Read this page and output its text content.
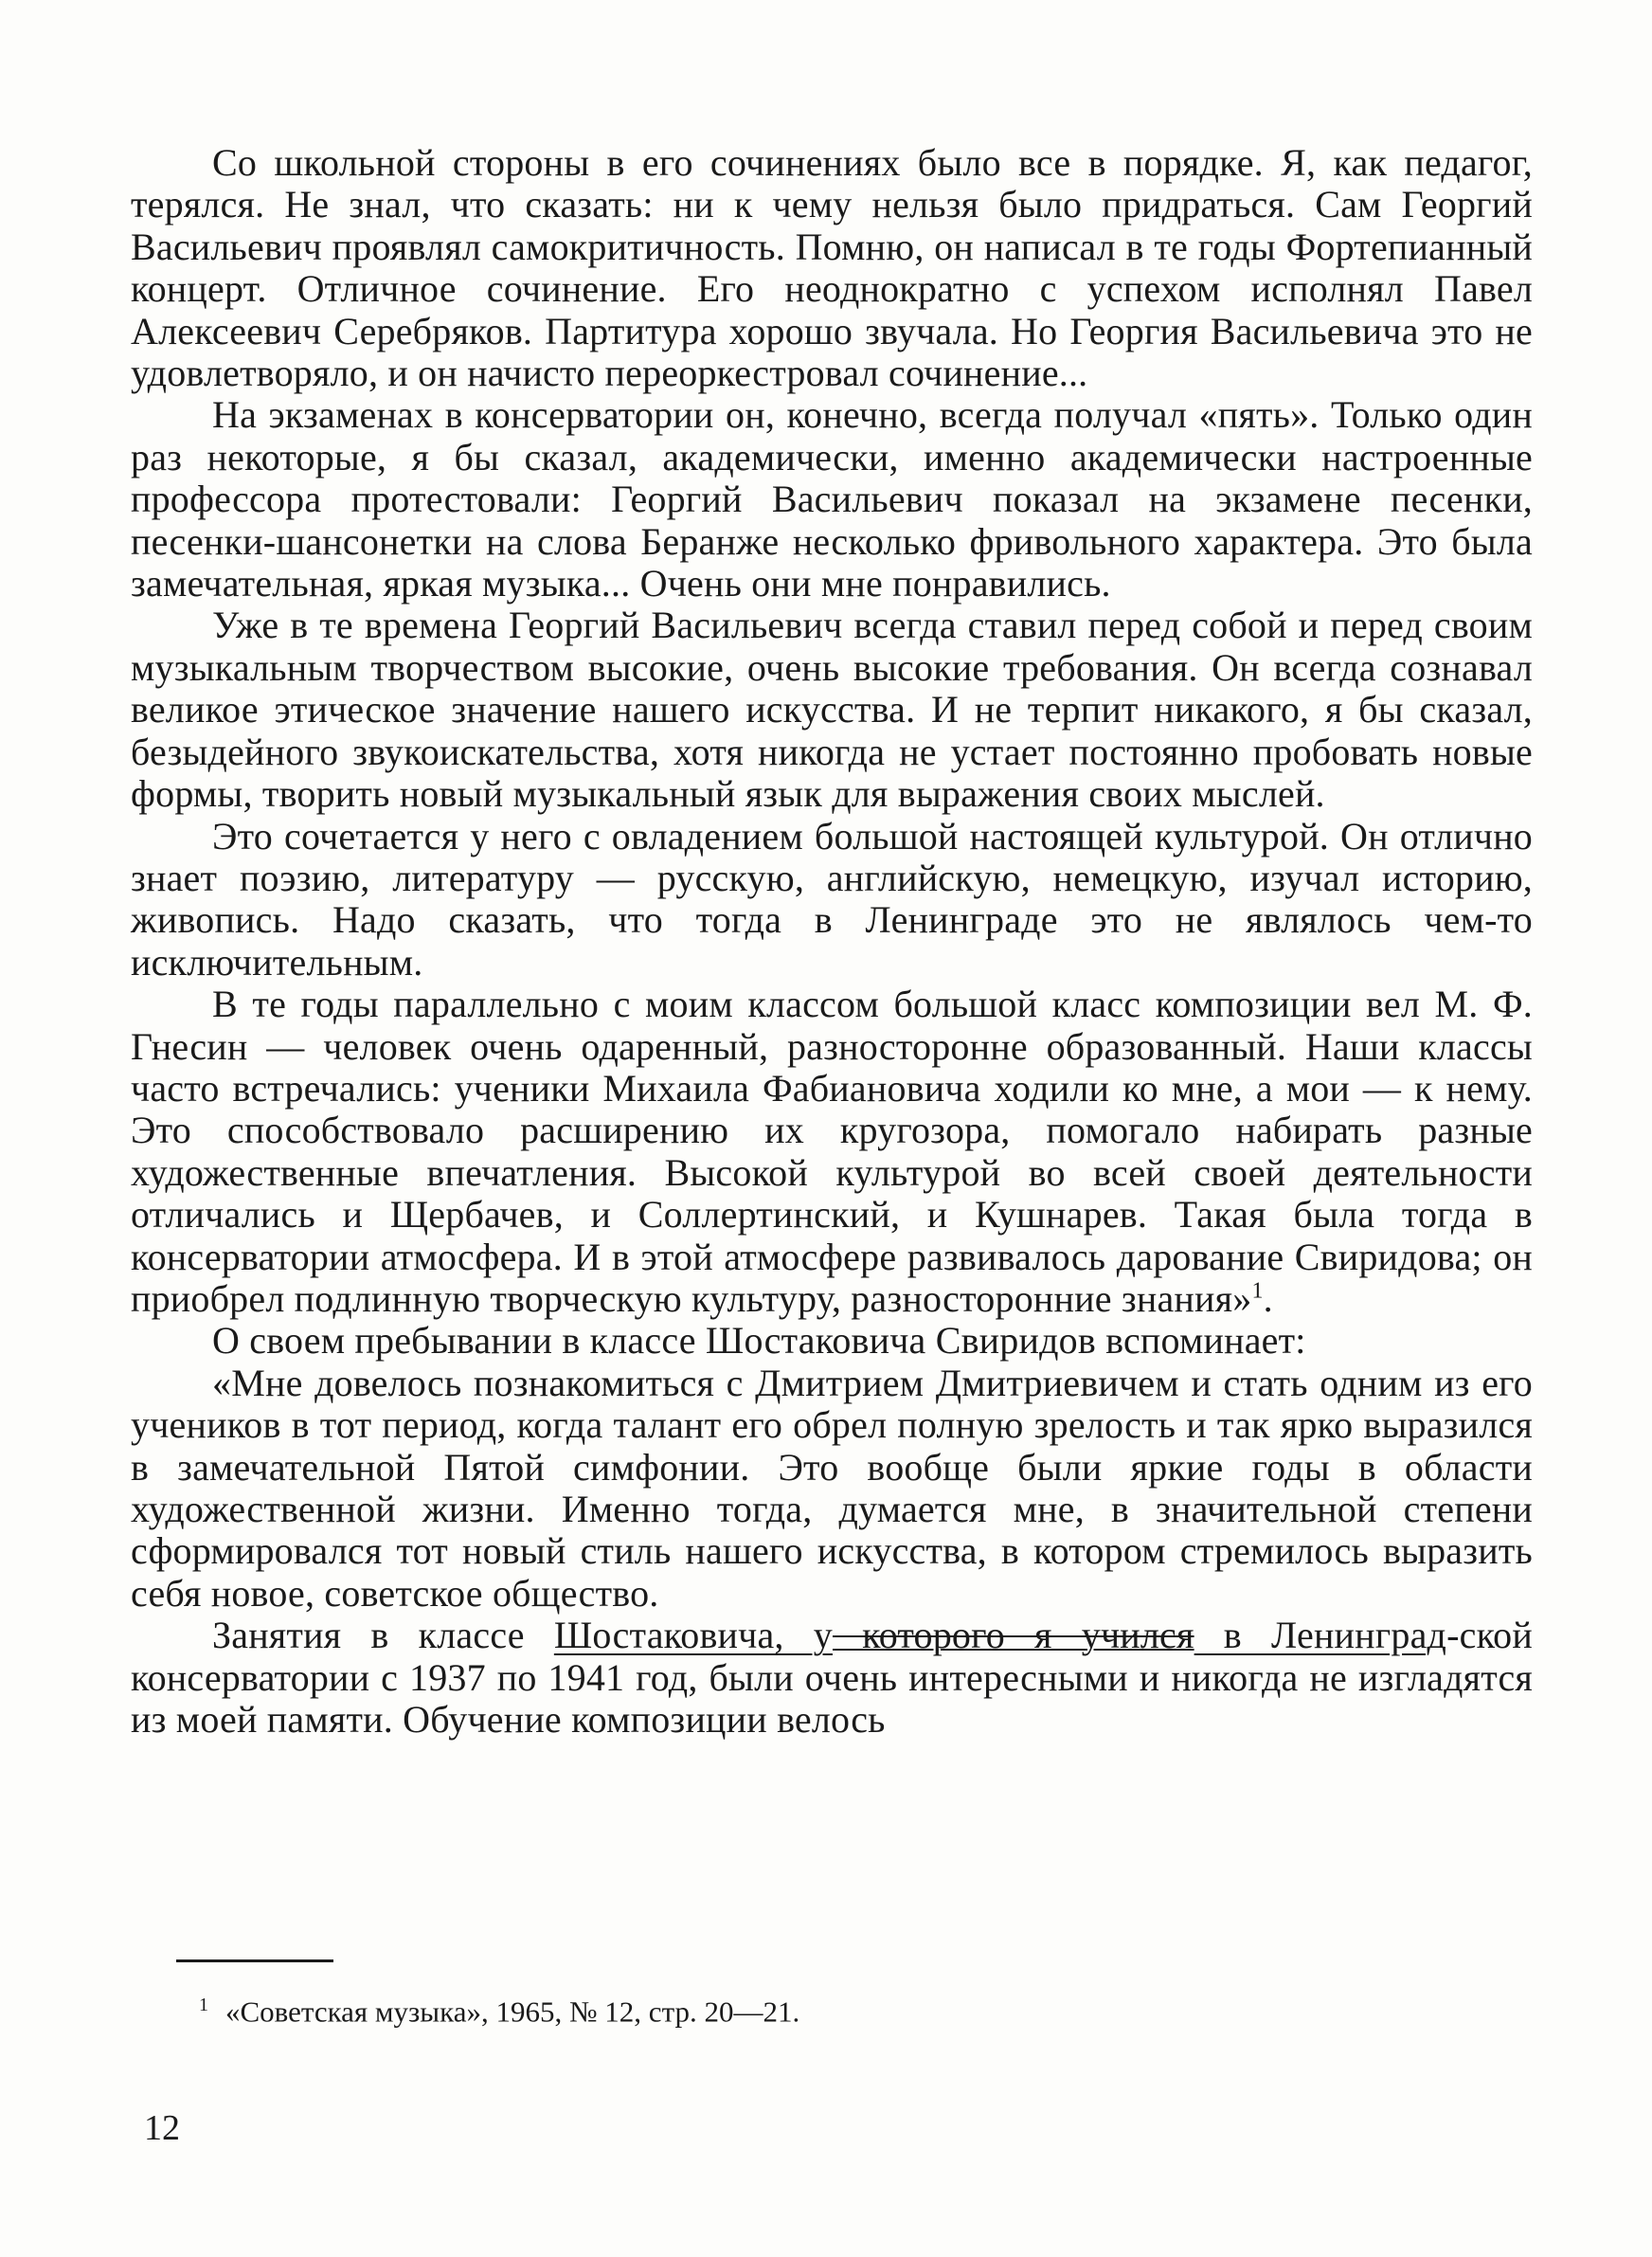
Со школьной стороны в его сочинениях было все в порядке. Я, как педагог, терялся. Не знал, что сказать: ни к чему нельзя было придраться. Сам Георгий Васильевич проявлял самокритичность. Помню, он написал в те годы Фортепианный концерт. Отличное сочинение. Его неоднократно с успехом исполнял Павел Алексеевич Серебряков. Партитура хорошо звучала. Но Георгия Васильевича это не удовлетворяло, и он начисто переоркестровал сочинение...

На экзаменах в консерватории он, конечно, всегда получал «пять». Только один раз некоторые, я бы сказал, академически, именно академически настроенные профессора протестовали: Георгий Васильевич показал на экзамене песенки, песенки-шансонетки на слова Беранже несколько фривольного характера. Это была замечательная, яркая музыка... Очень они мне понравились.

Уже в те времена Георгий Васильевич всегда ставил перед собой и перед своим музыкальным творчеством высокие, очень высокие требования. Он всегда сознавал великое этическое значение нашего искусства. И не терпит никакого, я бы сказал, безыдейного звукоискательства, хотя никогда не устает постоянно пробовать новые формы, творить новый музыкальный язык для выражения своих мыслей.

Это сочетается у него с овладением большой настоящей культурой. Он отлично знает поэзию, литературу — русскую, английскую, немецкую, изучал историю, живопись. Надо сказать, что тогда в Ленинграде это не являлось чем-то исключительным.

В те годы параллельно с моим классом большой класс композиции вел М. Ф. Гнесин — человек очень одаренный, разносторонне образованный. Наши классы часто встречались: ученики Михаила Фабиановича ходили ко мне, а мои — к нему. Это способствовало расширению их кругозора, помогало набирать разные художественные впечатления. Высокой культурой во всей своей деятельности отличались и Щербачев, и Соллертинский, и Кушнарев. Такая была тогда в консерватории атмосфера. И в этой атмосфере развивалось дарование Свиридова; он приобрел подлинную творческую культуру, разносторонние знания»$^1$.

О своем пребывании в классе Шостаковича Свиридов вспоминает:

«Мне довелось познакомиться с Дмитрием Дмитриевичем и стать одним из его учеников в тот период, когда талант его обрел полную зрелость и так ярко выразился в замечательной Пятой симфонии. Это вообще были яркие годы в области художественной жизни. Именно тогда, думается мне, в значительной степени сформировался тот новый стиль нашего искусства, в котором стремилось выразить себя новое, советское общество.

Занятия в классе Шостаковича, у которого я учился в Ленинград-ской консерватории с 1937 по 1941 год, были очень интересными и никогда не изгладятся из моей памяти. Обучение композиции велось

$^1$ «Советская музыка», 1965, № 12, стр. 20—21.
12
